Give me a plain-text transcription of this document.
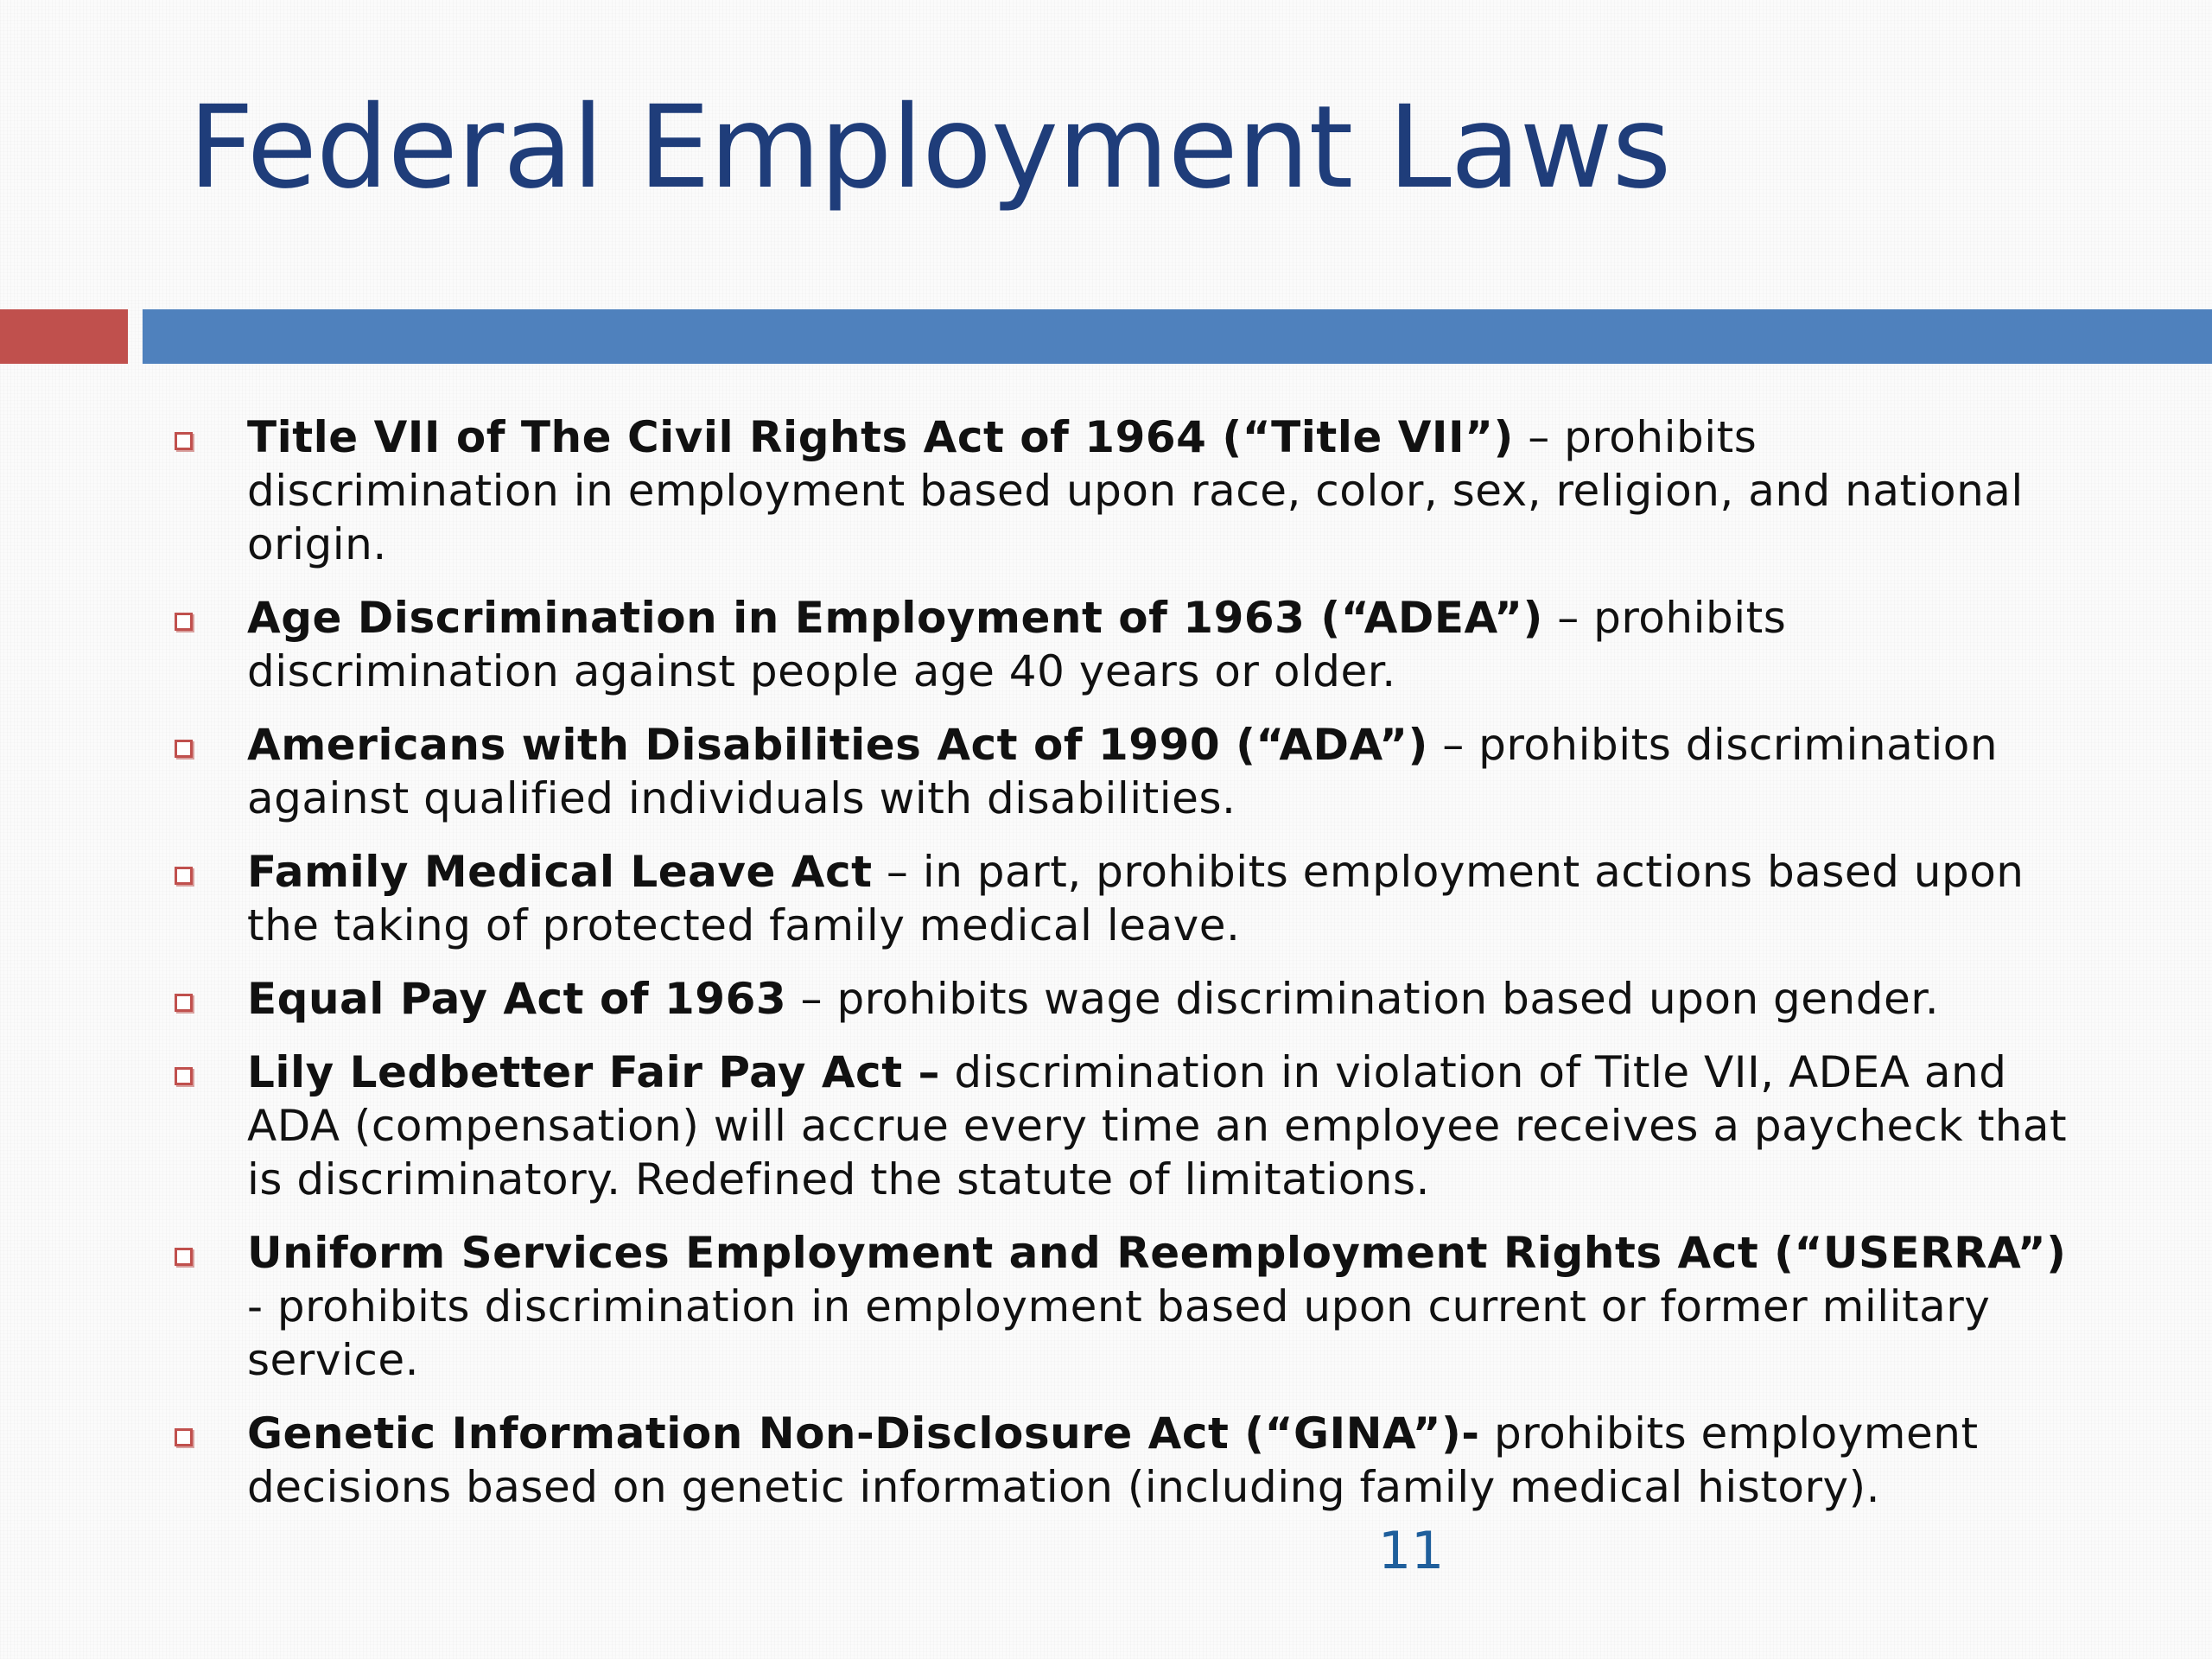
Federal Employment Laws
Title VII of The Civil Rights Act of 1964 (“Title VII”) – prohibits discrimination in employment based upon race, color, sex, religion, and national origin.
Age Discrimination in Employment of 1963 (“ADEA”) – prohibits discrimination against people age 40 years or older.
Americans with Disabilities Act of 1990 (“ADA”) – prohibits discrimination against qualified individuals with disabilities.
Family Medical Leave Act – in part, prohibits employment actions based upon the taking of protected family medical leave.
Equal Pay Act of 1963 – prohibits wage discrimination based upon gender.
Lily Ledbetter Fair Pay Act – discrimination in violation of Title VII, ADEA and ADA (compensation) will accrue every time an employee receives a paycheck that is discriminatory. Redefined the statute of limitations.
Uniform Services Employment and Reemployment Rights Act (“USERRA”) - prohibits discrimination in employment based upon current or former military service.
Genetic Information Non-Disclosure Act (“GINA”)- prohibits employment decisions based on genetic information (including family medical history).
11
